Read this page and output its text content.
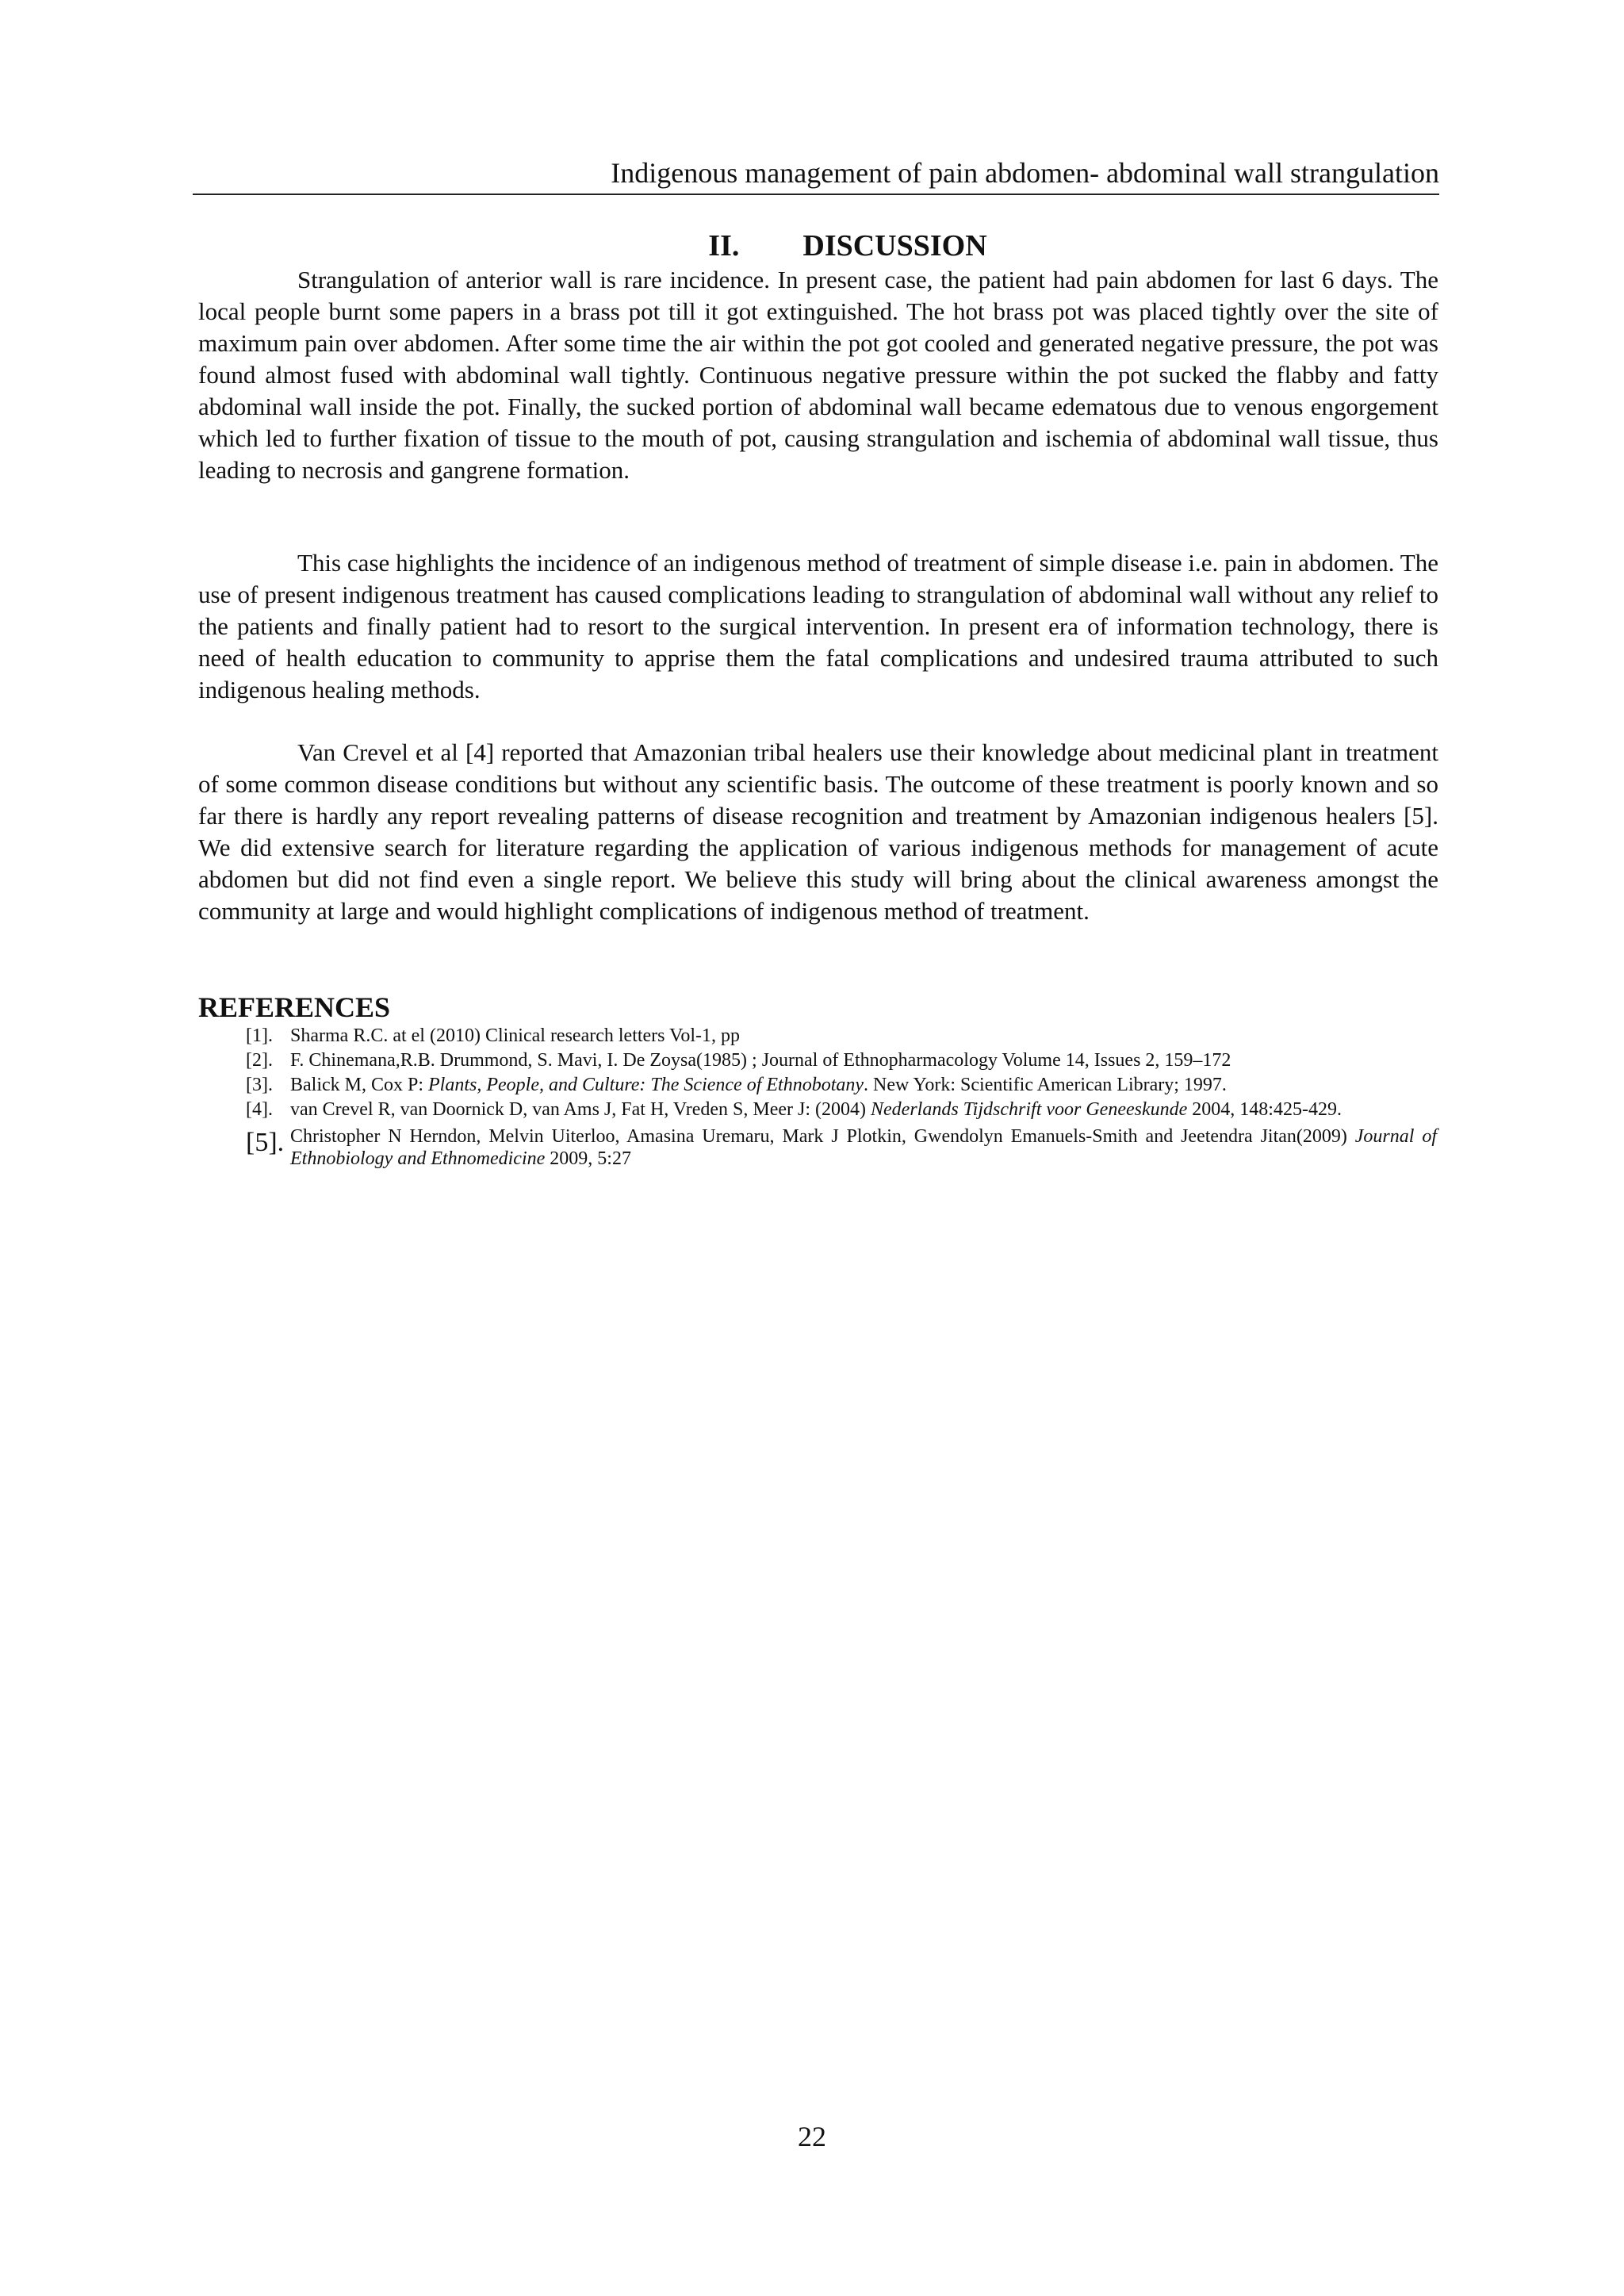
Indigenous management of pain abdomen- abdominal wall strangulation
II. DISCUSSION

Strangulation of anterior wall is rare incidence. In present case, the patient had pain abdomen for last 6 days. The local people burnt some papers in a brass pot till it got extinguished. The hot brass pot was placed tightly over the site of maximum pain over abdomen. After some time the air within the pot got cooled and generated negative pressure, the pot was found almost fused with abdominal wall tightly. Continuous negative pressure within the pot sucked the flabby and fatty abdominal wall inside the pot. Finally, the sucked portion of abdominal wall became edematous due to venous engorgement which led to further fixation of tissue to the mouth of pot, causing strangulation and ischemia of abdominal wall tissue, thus leading to necrosis and gangrene formation.

This case highlights the incidence of an indigenous method of treatment of simple disease i.e. pain in abdomen. The use of present indigenous treatment has caused complications leading to strangulation of abdominal wall without any relief to the patients and finally patient had to resort to the surgical intervention. In present era of information technology, there is need of health education to community to apprise them the fatal complications and undesired trauma attributed to such indigenous healing methods.

Van Crevel et al [4] reported that Amazonian tribal healers use their knowledge about medicinal plant in treatment of some common disease conditions but without any scientific basis. The outcome of these treatment is poorly known and so far there is hardly any report revealing patterns of disease recognition and treatment by Amazonian indigenous healers [5]. We did extensive search for literature regarding the application of various indigenous methods for management of acute abdomen but did not find even a single report. We believe this study will bring about the clinical awareness amongst the community at large and would highlight complications of indigenous method of treatment.

REFERENCES
[1]. Sharma R.C. at el (2010) Clinical research letters Vol-1, pp
[2]. F. Chinemana,R.B. Drummond, S. Mavi, I. De Zoysa(1985) ; Journal of Ethnopharmacology Volume 14, Issues 2, 159–172
[3]. Balick M, Cox P: Plants, People, and Culture: The Science of Ethnobotany. New York: Scientific American Library; 1997.
[4]. van Crevel R, van Doornick D, van Ams J, Fat H, Vreden S, Meer J: (2004) Nederlands Tijdschrift voor Geneeskunde 2004, 148:425-429.
[5]. Christopher N Herndon, Melvin Uiterloo, Amasina Uremaru, Mark J Plotkin, Gwendolyn Emanuels-Smith and Jeetendra Jitan(2009) Journal of Ethnobiology and Ethnomedicine 2009, 5:27
22
